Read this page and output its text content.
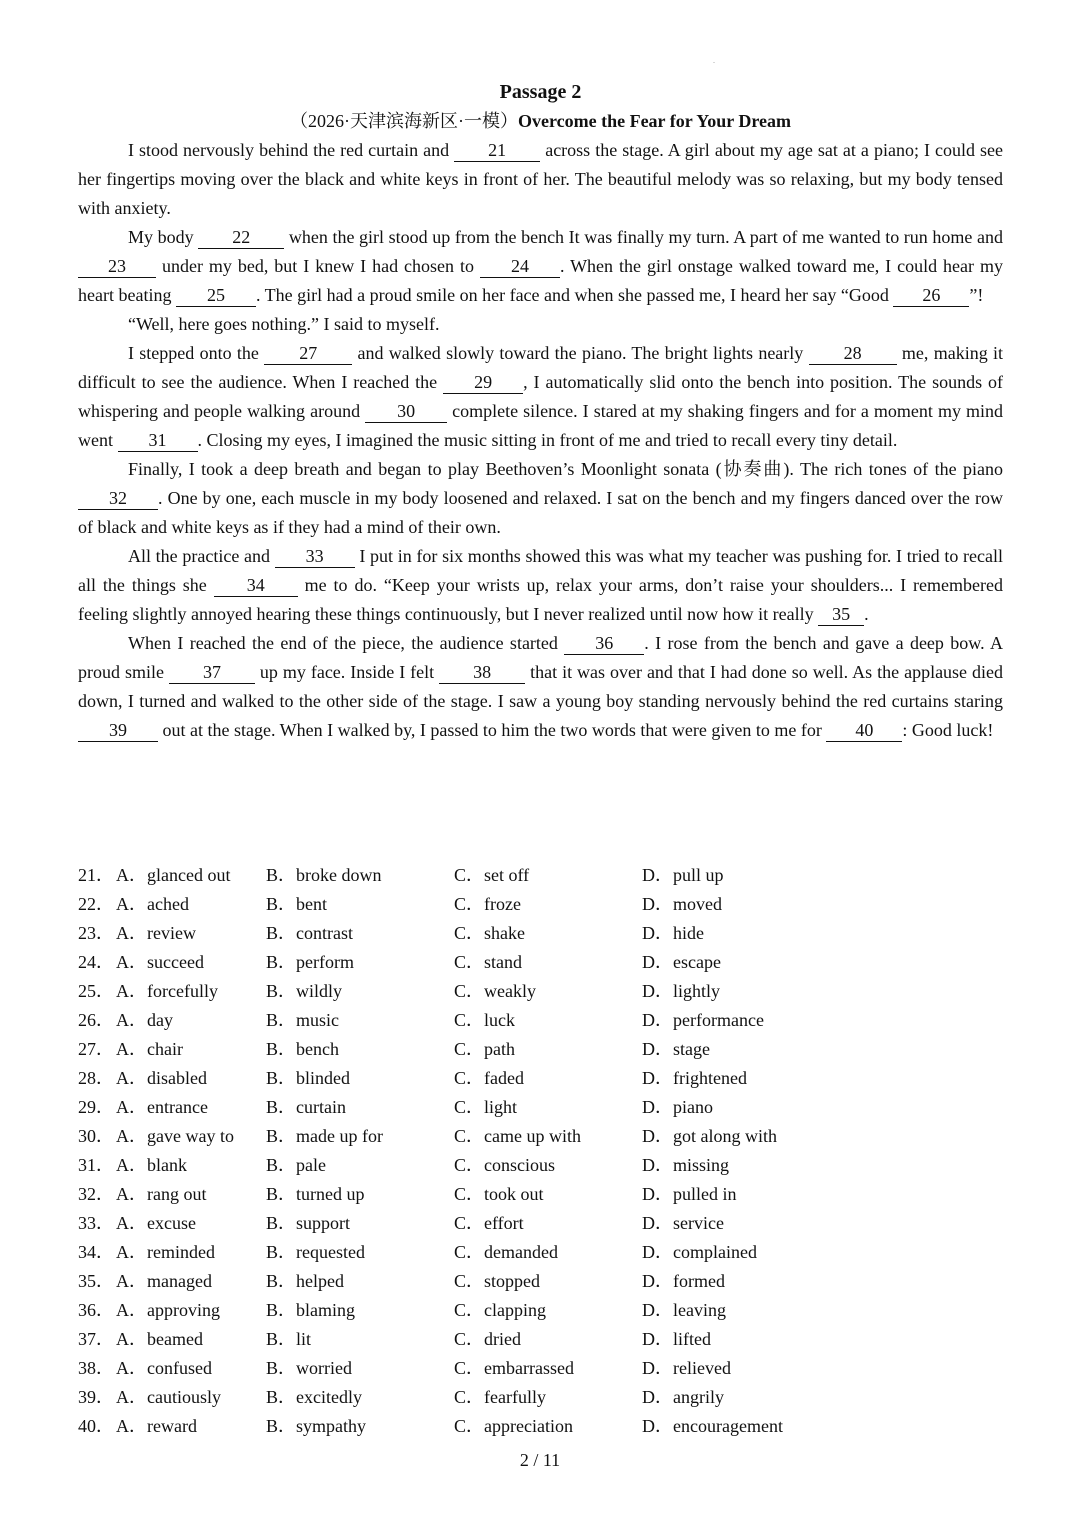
.
Passage 2
（2026·天津滨海新区·一模）Overcome the Fear for Your Dream

I stood nervously behind the red curtain and 21 across the stage. A girl about my age sat at a piano; I could see her fingertips moving over the black and white keys in front of her. The beautiful melody was so relaxing, but my body tensed with anxiety.

My body 22 when the girl stood up from the bench It was finally my turn. A part of me wanted to run home and 23 under my bed, but I knew I had chosen to 24 . When the girl onstage walked toward me, I could hear my heart beating 25 . The girl had a proud smile on her face and when she passed me, I heard her say “Good 26 ”!

“Well, here goes nothing.” I said to myself.

I stepped onto the 27 and walked slowly toward the piano. The bright lights nearly 28 me, making it difficult to see the audience. When I reached the 29 , I automatically slid onto the bench into position. The sounds of whispering and people walking around 30 complete silence. I stared at my shaking fingers and for a moment my mind went 31 . Closing my eyes, I imagined the music sitting in front of me and tried to recall every tiny detail.

Finally, I took a deep breath and began to play Beethoven’s Moonlight sonata (协奏曲). The rich tones of the piano 32 . One by one, each muscle in my body loosened and relaxed. I sat on the bench and my fingers danced over the row of black and white keys as if they had a mind of their own.

All the practice and 33 I put in for six months showed this was what my teacher was pushing for. I tried to recall all the things she 34 me to do. “Keep your wrists up, relax your arms, don’t raise your shoulders... I remembered feeling slightly annoyed hearing these things continuously, but I never realized until now how it really 35 .

When I reached the end of the piece, the audience started 36 . I rose from the bench and gave a deep bow. A proud smile 37 up my face. Inside I felt 38 that it was over and that I had done so well. As the applause died down, I turned and walked to the other side of the stage. I saw a young boy standing nervously behind the red curtains staring 39 out at the stage. When I walked by, I passed to him the two words that were given to me for 40 : Good luck!

21． A．glanced out B．broke down	C．set off	D．pull up
22． A．ached	B．bent	C．froze	D．moved
23． A．review	B．contrast	C．shake	D．hide
24． A．succeed	B．perform	C．stand	D．escape
25． A．forcefully	B．wildly	C．weakly	D．lightly
26． A．day	B．music	C．luck	D．performance
27． A．chair	B．bench	C．path	D．stage
28． A．disabled	B．blinded	C．faded	D．frightened
29． A．entrance	B．curtain	C．light	D．piano
30． A．gave way to B．made up for	C．came up with	D．got along with
31． A．blank	B．pale	C．conscious	D．missing
32． A．rang out	B．turned up	C．took out	D．pulled in
33． A．excuse	B．support	C．effort	D．service
34． A．reminded	B．requested	C．demanded	D．complained
35． A．managed	B．helped	C．stopped	D．formed
36． A．approving	B．blaming	C．clapping	D．leaving
37． A．beamed	B．lit	C．dried	D．lifted
38． A．confused	B．worried	C．embarrassed	D．relieved
39． A．cautiously	B．excitedly	C．fearfully	D．angrily
40． A．reward	B．sympathy	C．appreciation	D．encouragement
2 / 11
